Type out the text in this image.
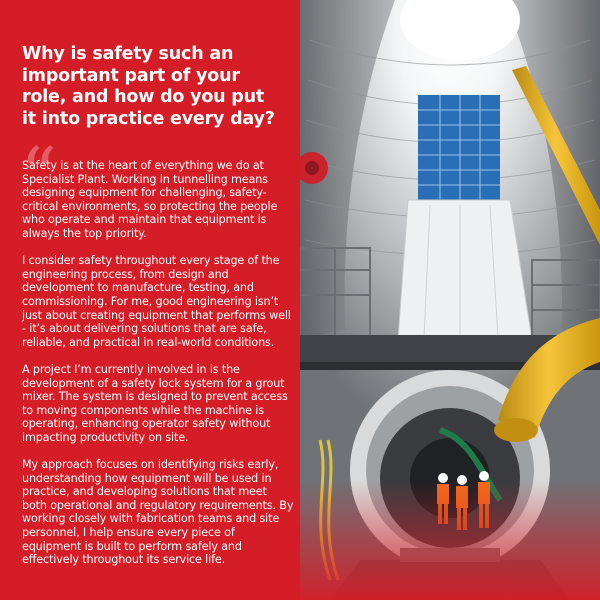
Why is safety such an important part of your role, and how do you put it into practice every day?
“

Safety is at the heart of everything we do at Specialist Plant. Working in tunnelling means designing equipment for challenging, safety-critical environments, so protecting the people who operate and maintain that equipment is always the top priority.

I consider safety throughout every stage of the engineering process, from design and development to manufacture, testing, and commissioning. For me, good engineering isn’t just about creating equipment that performs well - it’s about delivering solutions that are safe, reliable, and practical in real-world conditions.

A project I’m currently involved in is the development of a safety lock system for a grout mixer. The system is designed to prevent access to moving components while the machine is operating, enhancing operator safety without impacting productivity on site.

My approach focuses on identifying risks early, understanding how equipment will be used in practice, and developing solutions that meet both operational and regulatory requirements. By working closely with fabrication teams and site personnel, I help ensure every piece of equipment is built to perform safely and effectively throughout its service life.
